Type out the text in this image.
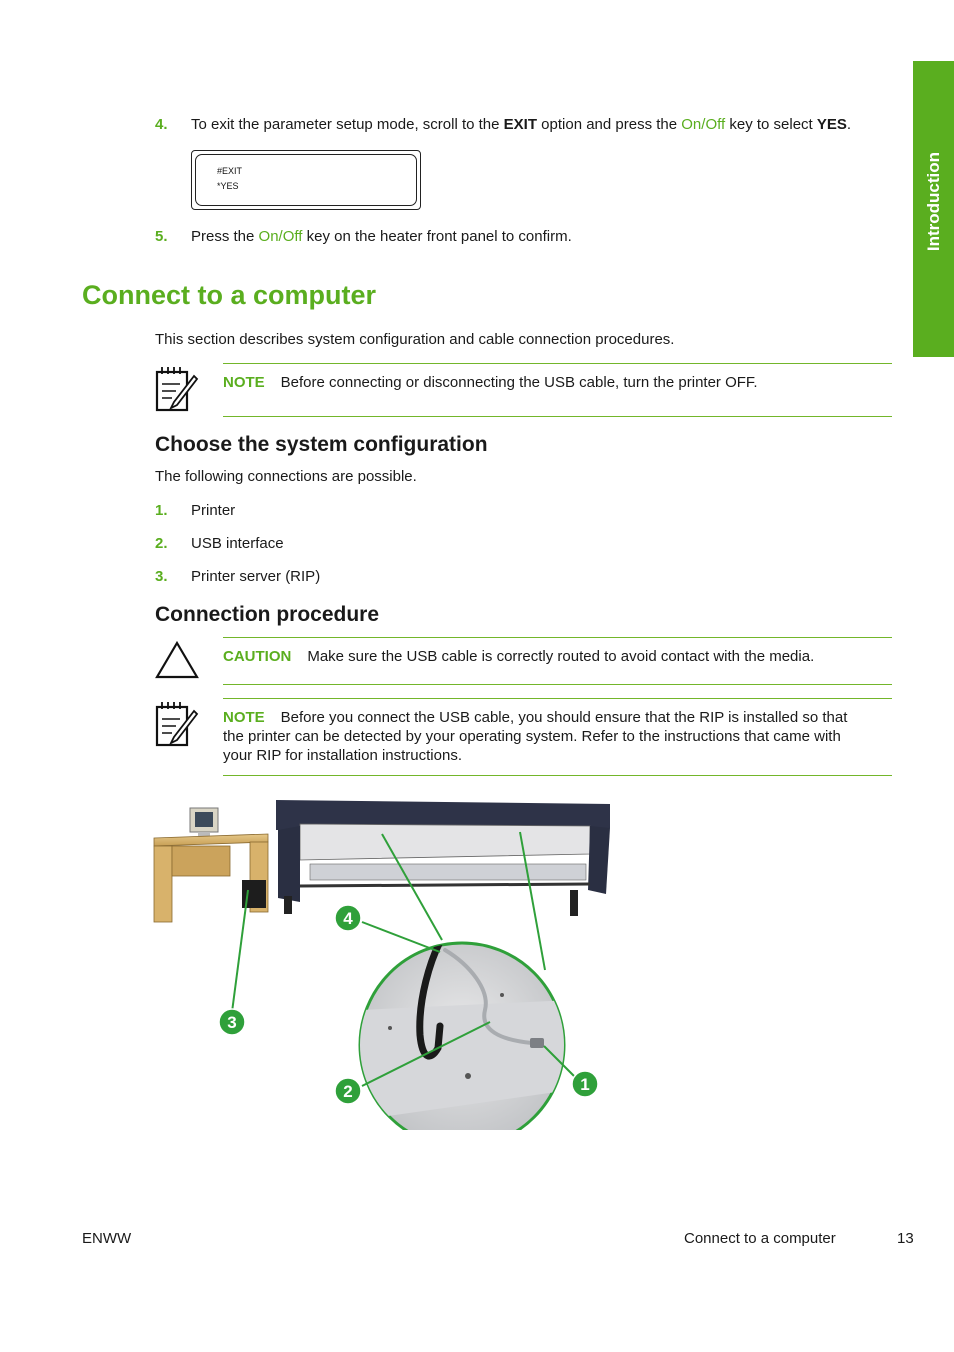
Introduction
4. To exit the parameter setup mode, scroll to the EXIT option and press the On/Off key to select YES.
#EXIT
*YES
5. Press the On/Off key on the heater front panel to confirm.
Connect to a computer
This section describes system configuration and cable connection procedures.
NOTE Before connecting or disconnecting the USB cable, turn the printer OFF.
Choose the system configuration
The following connections are possible.
1. Printer
2. USB interface
3. Printer server (RIP)
Connection procedure
CAUTION Make sure the USB cable is correctly routed to avoid contact with the media.
NOTE Before you connect the USB cable, you should ensure that the RIP is installed so that
the printer can be detected by your operating system. Refer to the instructions that came with
your RIP for installation instructions.
4
3
2	1
ENWW	Connect to a computer	13
